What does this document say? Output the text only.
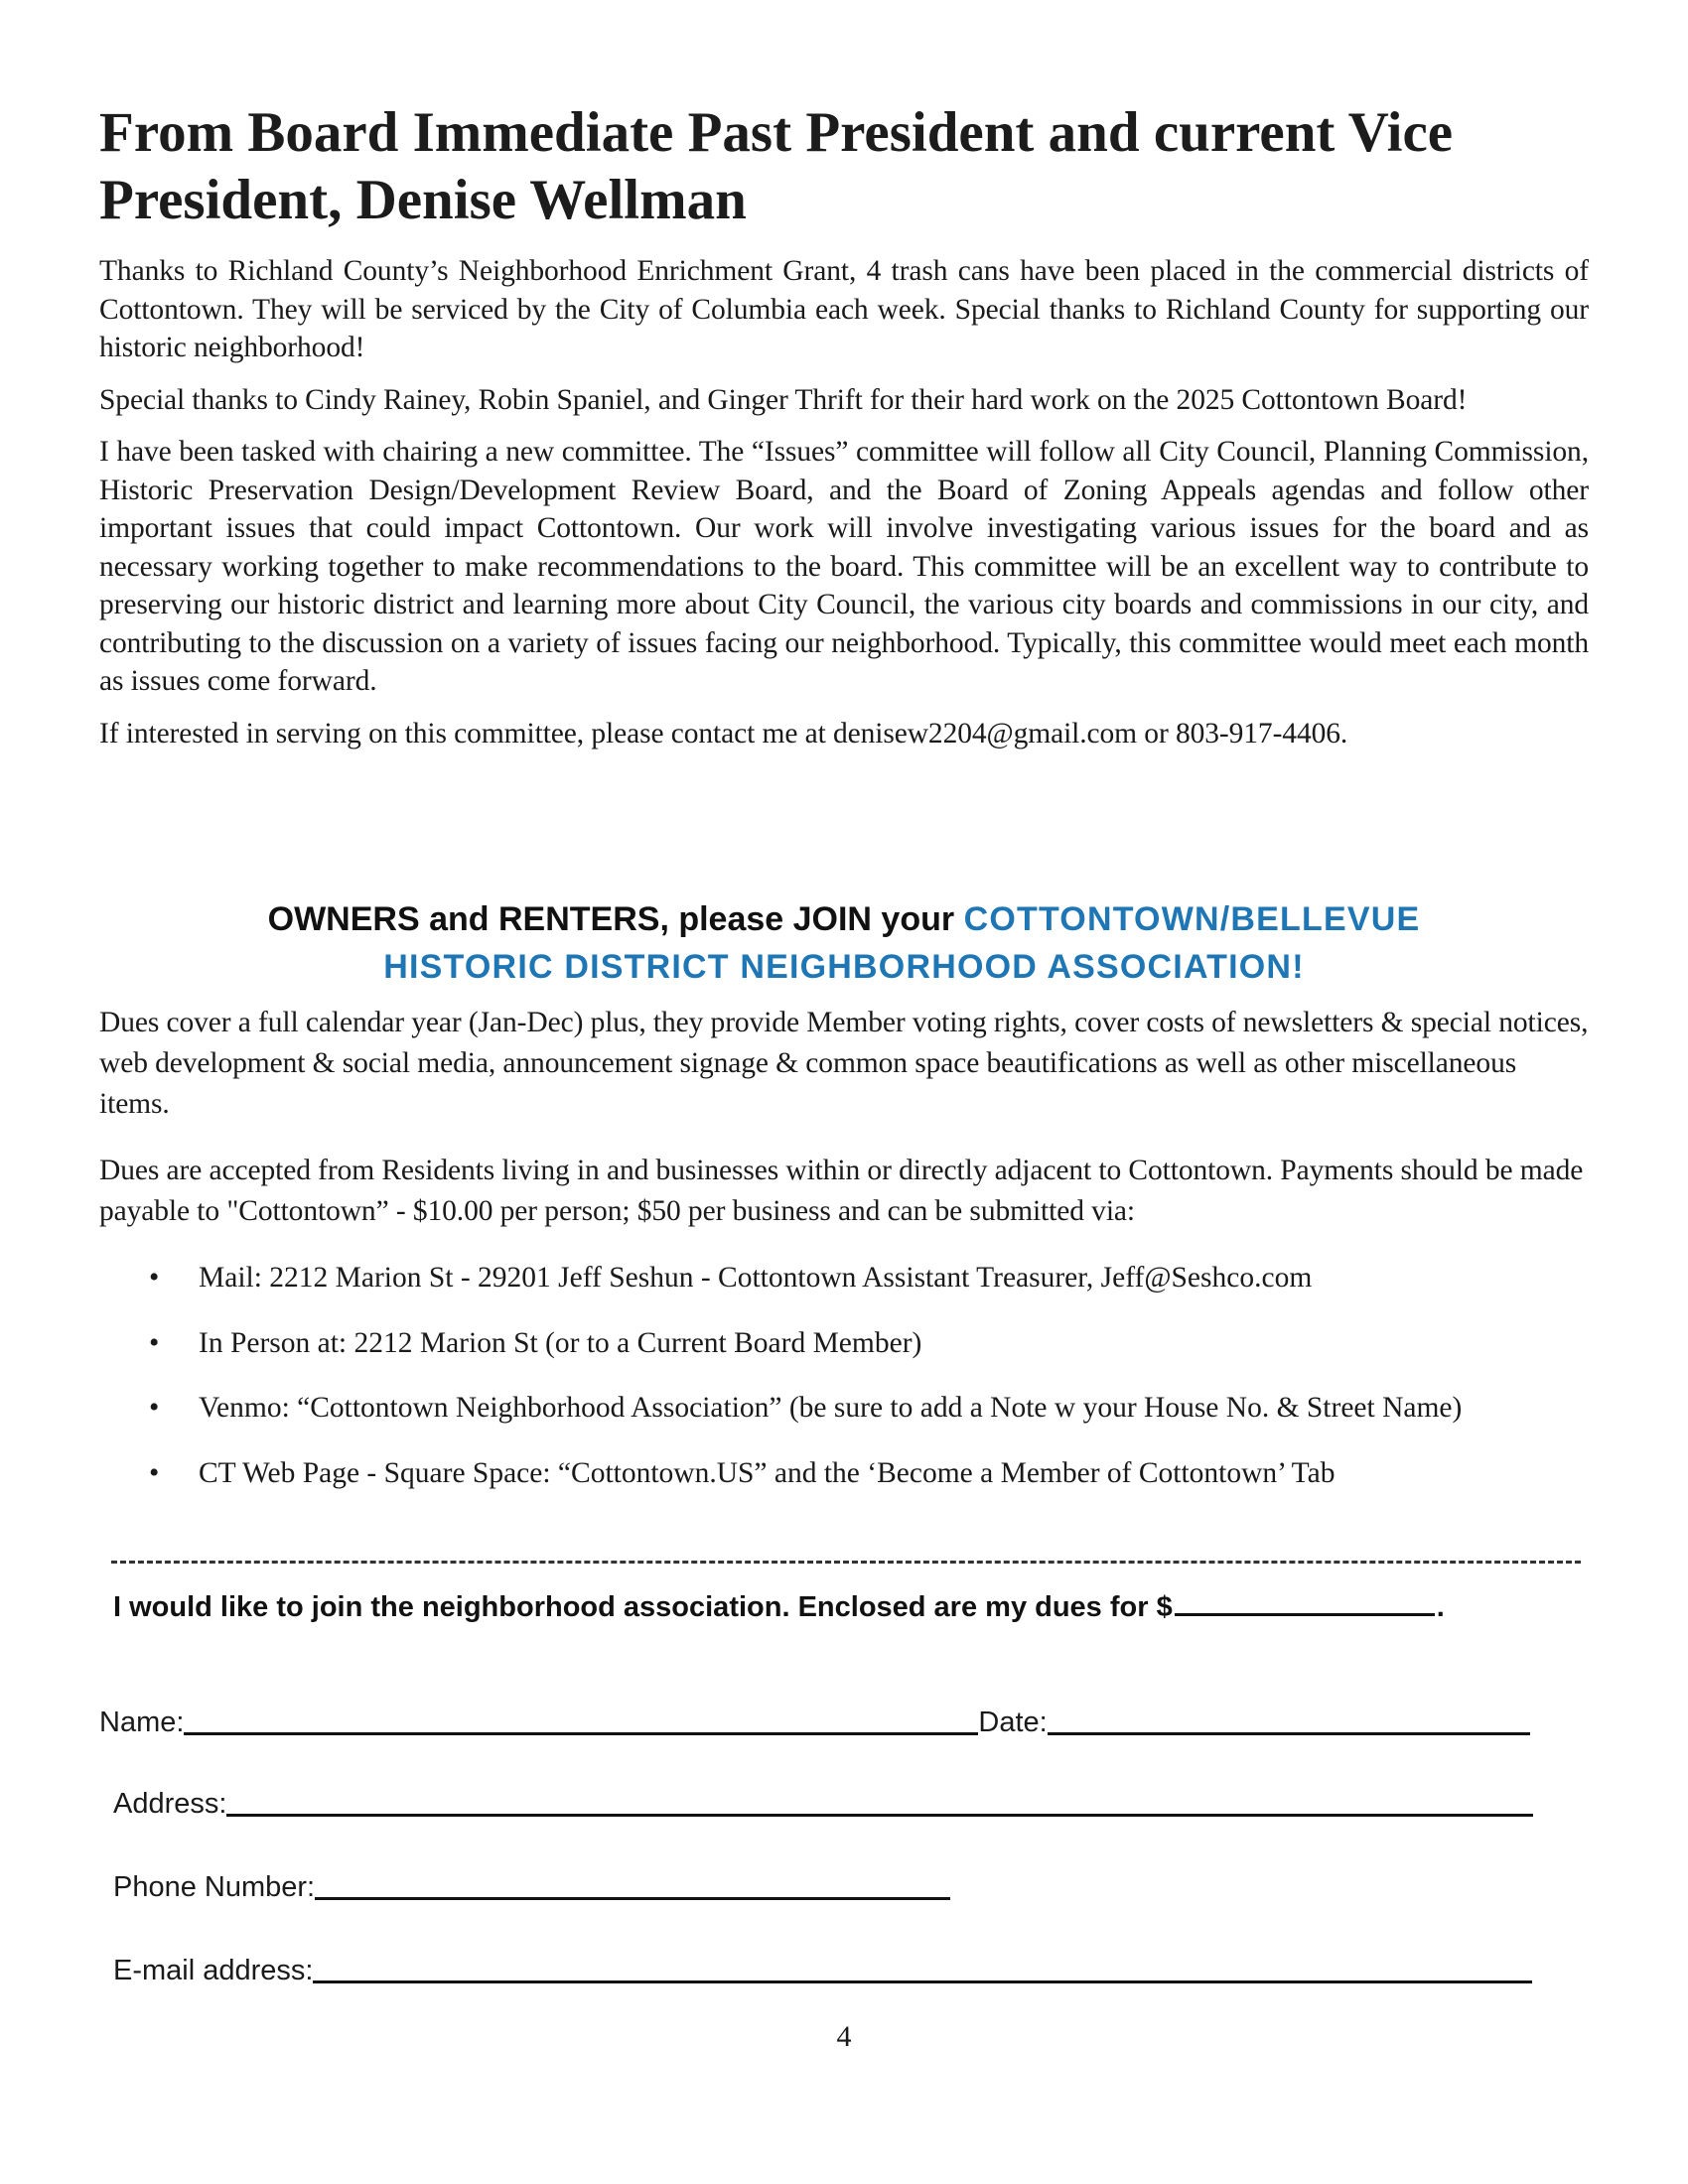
From Board Immediate Past President and current Vice President, Denise Wellman

Thanks to Richland County’s Neighborhood Enrichment Grant, 4 trash cans have been placed in the commercial districts of Cottontown. They will be serviced by the City of Columbia each week. Special thanks to Richland County for supporting our historic neighborhood!

Special thanks to Cindy Rainey, Robin Spaniel, and Ginger Thrift for their hard work on the 2025 Cottontown Board!

I have been tasked with chairing a new committee. The “Issues” committee will follow all City Council, Planning Commission, Historic Preservation Design/Development Review Board, and the Board of Zoning Appeals agendas and follow other important issues that could impact Cottontown. Our work will involve investigating various issues for the board and as necessary working together to make recommendations to the board. This committee will be an excellent way to contribute to preserving our historic district and learning more about City Council, the various city boards and commissions in our city, and contributing to the discussion on a variety of issues facing our neighborhood. Typically, this committee would meet each month as issues come forward.

If interested in serving on this committee, please contact me at denisew2204@gmail.com or 803-917-4406.

OWNERS and RENTERS, please JOIN your COTTONTOWN/BELLEVUE
HISTORIC DISTRICT NEIGHBORHOOD ASSOCIATION!

Dues cover a full calendar year (Jan-Dec) plus, they provide Member voting rights, cover costs of newsletters & special notices, web development & social media, announcement signage & common space beautifications as well as other miscellaneous items.

Dues are accepted from Residents living in and businesses within or directly adjacent to Cottontown. Payments should be made payable to "Cottontown” - $10.00 per person; $50 per business and can be submitted via:

• Mail: 2212 Marion St - 29201 Jeff Seshun - Cottontown Assistant Treasurer, Jeff@Seshco.com
• In Person at: 2212 Marion St (or to a Current Board Member)
• Venmo: “Cottontown Neighborhood Association” (be sure to add a Note w your House No. & Street Name)
• CT Web Page - Square Space: “Cottontown.US” and the ‘Become a Member of Cottontown’ Tab
I would like to join the neighborhood association. Enclosed are my dues for $	.
Name:	Date:
Address:
Phone Number:
E-mail address:
4
